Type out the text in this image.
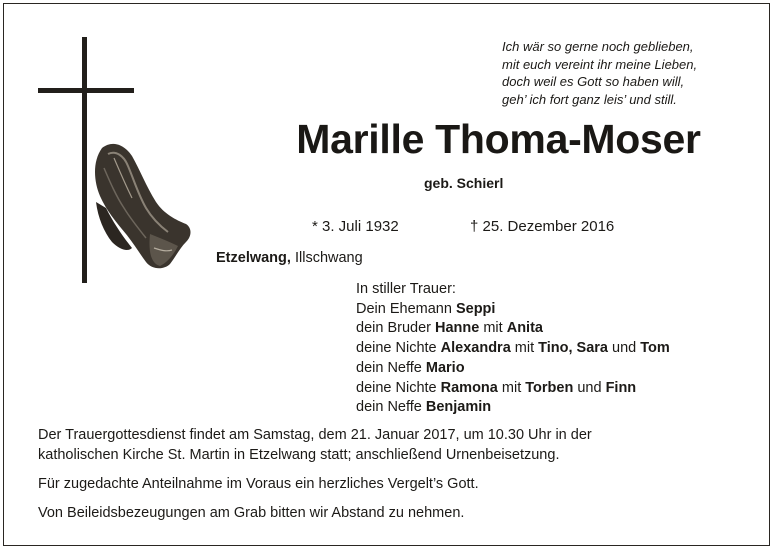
Ich wär so gerne noch geblieben,
mit euch vereint ihr meine Lieben,
doch weil es Gott so haben will,
geh’ ich fort ganz leis’ und still.
Marille Thoma-Moser
geb. Schierl
* 3. Juli 1932	† 25. Dezember 2016
Etzelwang, Illschwang
In stiller Trauer:
Dein Ehemann Seppi
dein Bruder Hanne mit Anita
deine Nichte Alexandra mit Tino, Sara und Tom
dein Neffe Mario
deine Nichte Ramona mit Torben und Finn
dein Neffe Benjamin

Der Trauergottesdienst findet am Samstag, dem 21. Januar 2017, um 10.30 Uhr in der
katholischen Kirche St. Martin in Etzelwang statt; anschließend Urnenbeisetzung.

Für zugedachte Anteilnahme im Voraus ein herzliches Vergelt’s Gott.

Von Beileidsbezeugungen am Grab bitten wir Abstand zu nehmen.
